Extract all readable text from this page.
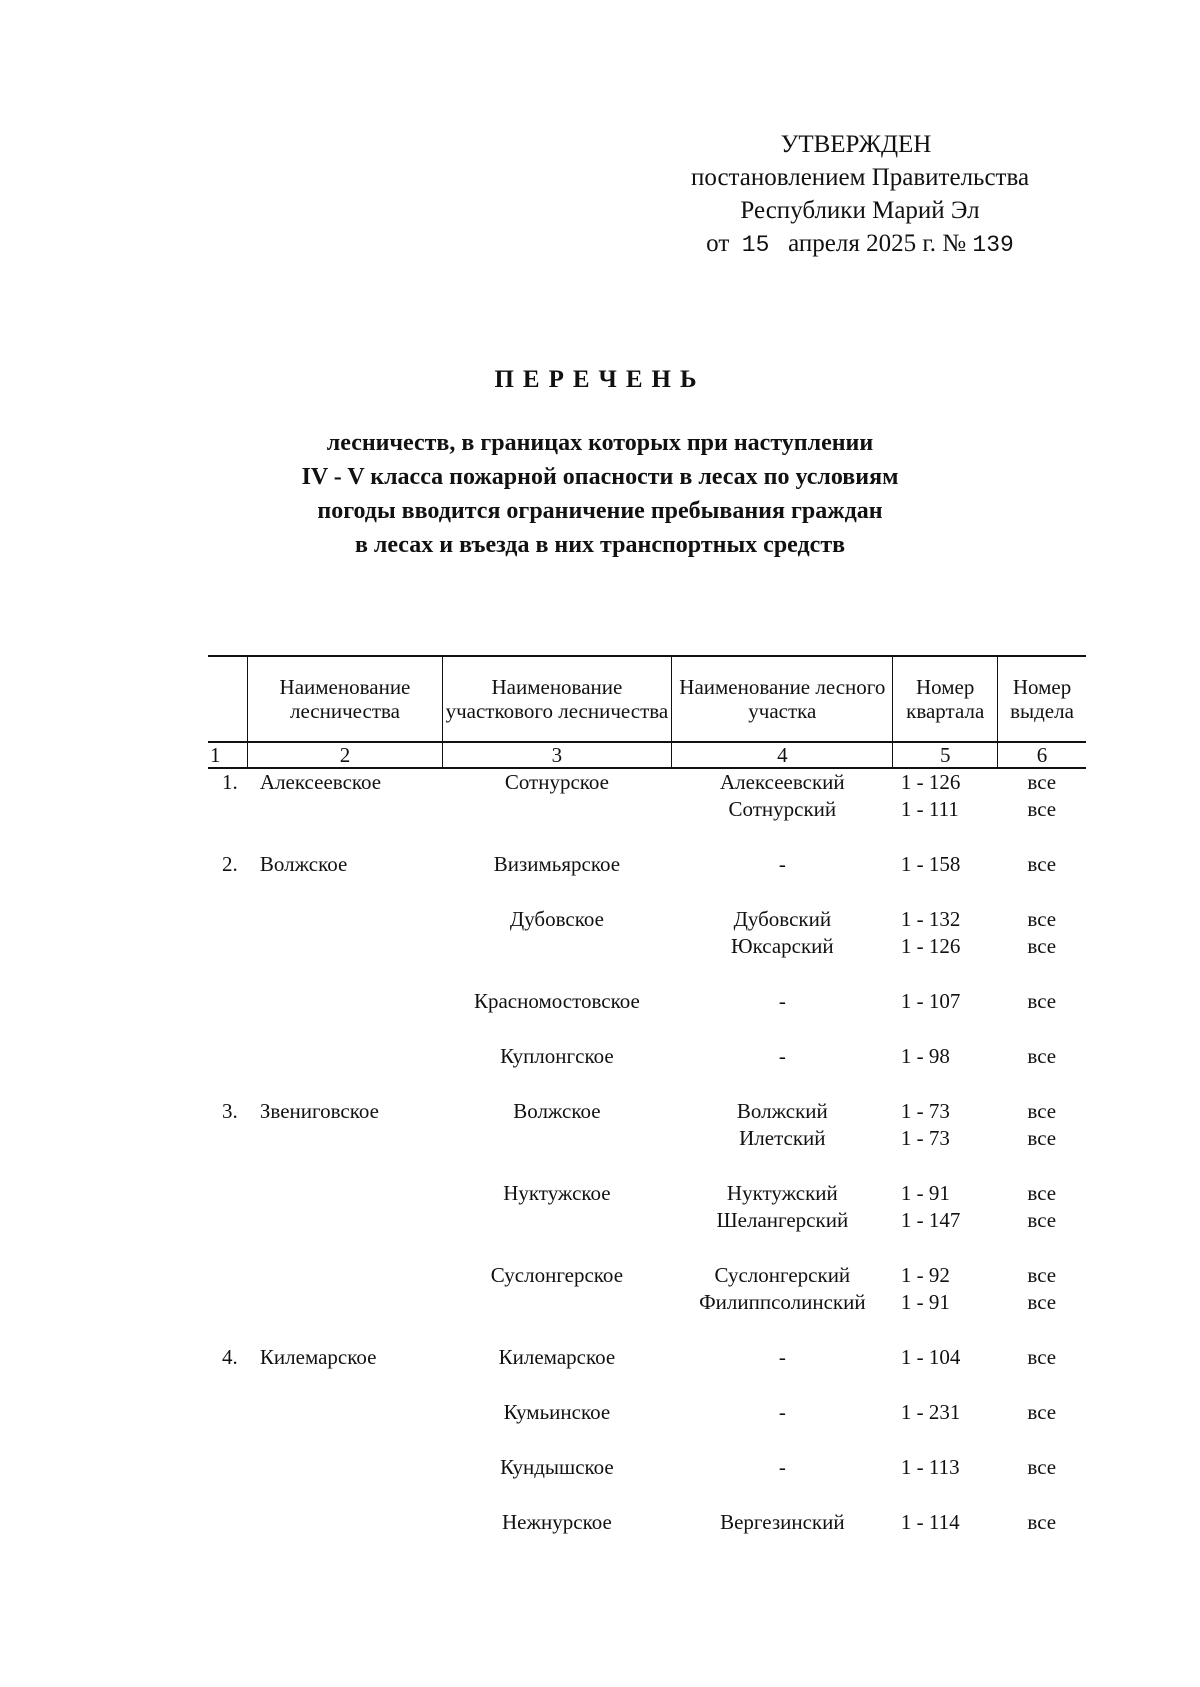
УТВЕРЖДЕН
постановлением Правительства
Республики Марий Эл
от 15 апреля 2025 г. № 139
ПЕРЕЧЕНЬ
лесничеств, в границах которых при наступлении
IV - V класса пожарной опасности в лесах по условиям
погоды вводится ограничение пребывания граждан
в лесах и въезда в них транспортных средств
	Наименование лесничества	Наименование участкового лесничества	Наименование лесного участка	Номер квартала	Номер выдела
1	2	3	4	5	6
1.	Алексеевское	Сотнурское	Алексеевский	1 - 126	все
			Сотнурский	1 - 111	все

2.	Волжское	Визимьярское	-	1 - 158	все

		Дубовское	Дубовский	1 - 132	все
			Юксарский	1 - 126	все

		Красномостовское	-	1 - 107	все

		Куплонгское	-	1 - 98	все

3.	Звениговское	Волжское	Волжский	1 - 73	все
			Илетский	1 - 73	все

		Нуктужское	Нуктужский	1 - 91	все
			Шелангерский	1 - 147	все

		Суслонгерское	Суслонгерский	1 - 92	все
			Филиппсолинский	1 - 91	все

4.	Килемарское	Килемарское	-	1 - 104	все

		Кумьинское	-	1 - 231	все

		Кундышское	-	1 - 113	все

		Нежнурское	Вергезинский	1 - 114	все
